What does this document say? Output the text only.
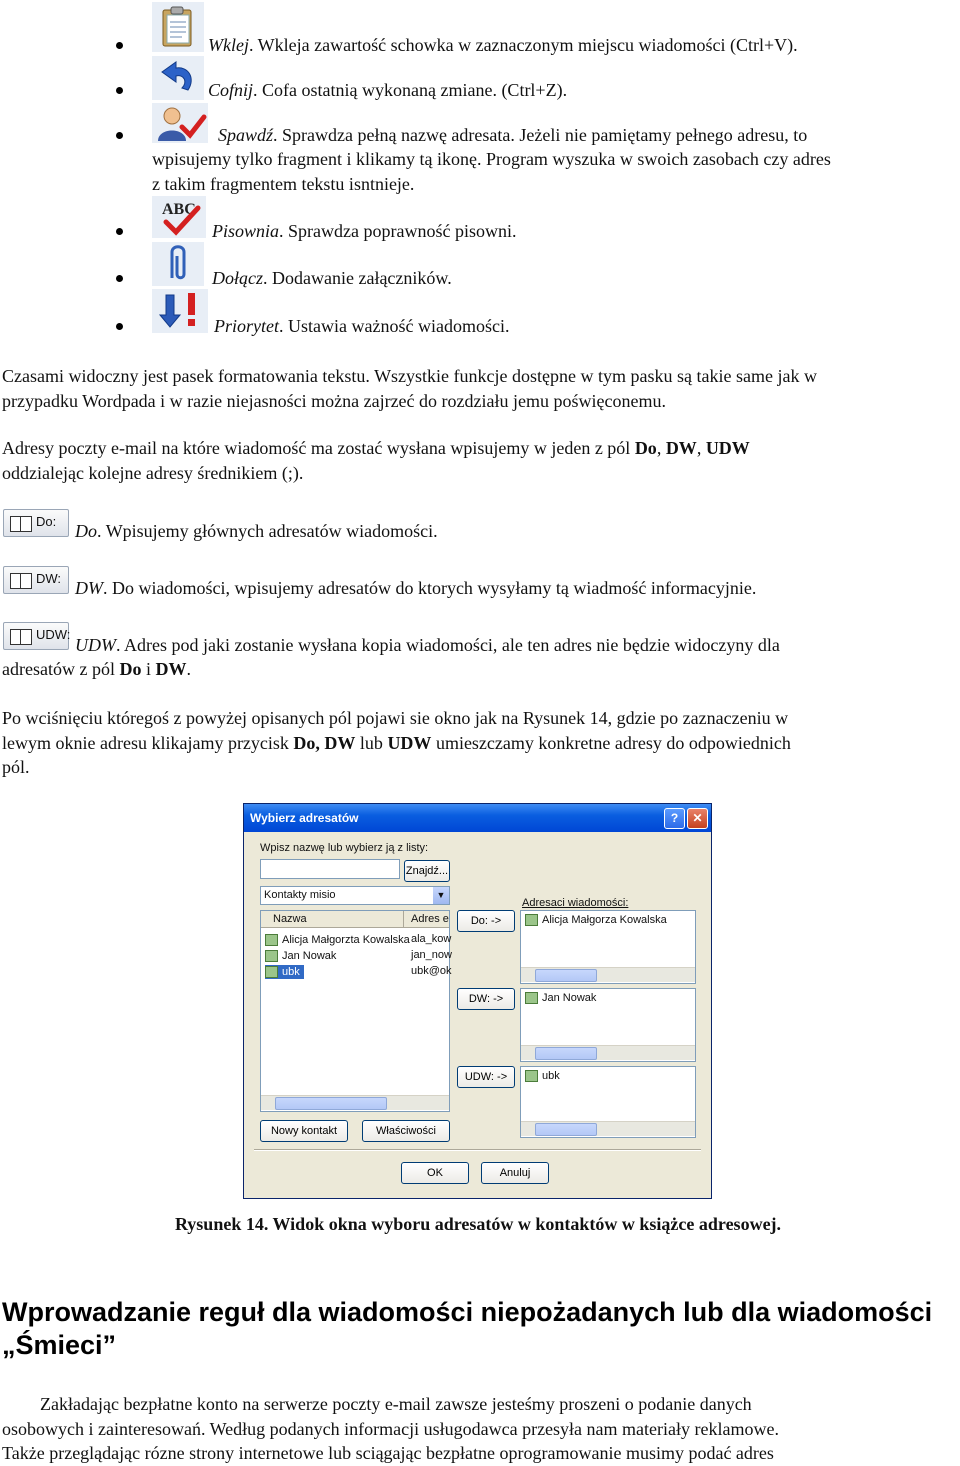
Wklej. Wkleja zawartość schowka w zaznaczonym miejscu wiadomości (Ctrl+V).
Cofnij. Cofa ostatnią wykonaną zmiane. (Ctrl+Z).
Spawdź. Sprawdza pełną nazwę adresata. Jeżeli nie pamiętamy pełnego adresu, to
wpisujemy tylko fragment i klikamy tą ikonę. Program wyszuka w swoich zasobach czy adres
z takim fragmentem tekstu isntnieje.
ABC
Pisownia. Sprawdza poprawność pisowni.
Dołącz. Dodawanie załączników.
Priorytet. Ustawia ważność wiadomości.
Czasami widoczny jest pasek formatowania tekstu. Wszystkie funkcje dostępne w tym pasku są takie same jak w
przypadku Wordpada i w razie niejasności można zajrzeć do rozdziału jemu poświęconemu.
Adresy poczty e-mail na które wiadomość ma zostać wysłana wpisujemy w jeden z pól Do, DW, UDW
oddzialejąc kolejne adresy średnikiem (;).
Do: Do. Wpisujemy głównych adresatów wiadomości.
DW: DW. Do wiadomości, wpisujemy adresatów do ktorych wysyłamy tą wiadmość informacyjnie.
UDW:
UDW. Adres pod jaki zostanie wysłana kopia wiadomości, ale ten adres nie będzie widoczyny dla
adresatów z pól Do i DW.
Po wciśnięciu któregoś z powyżej opisanych pól pojawi sie okno jak na Rysunek 14, gdzie po zaznaczeniu w
lewym oknie adresu klikajamy przycisk Do, DW lub UDW umieszczamy konkretne adresy do odpowiednich
pól.
Wybierz adresatów	?	✕
Wpisz nazwę lub wybierz ją z listy:
Znajdź...
Kontakty misio	▼
Nazwa	Adres e
Alicja Małgorzta Kowalska ala_kow
Jan Nowak	jan_now
ubk	ubk@ok
Adresaci wiadomości:
Do: ->	Alicja Małgorza Kowalska
DW: ->	Jan Nowak
UDW: ->	ubk
Nowy kontakt	Właściwości
OK	Anuluj
Rysunek 14. Widok okna wyboru adresatów w kontaktów w książce adresowej.
Wprowadzanie reguł dla wiadomości niepożadanych lub dla wiadomości „Śmieci”
Zakładając bezpłatne konto na serwerze poczty e-mail zawsze jesteśmy proszeni o podanie danych
osobowych i zainteresowań. Według podanych informacji usługodawca przesyła nam materiały reklamowe.
Także przeglądając rózne strony internetowe lub sciągając bezpłatne oprogramowanie musimy podać adres
